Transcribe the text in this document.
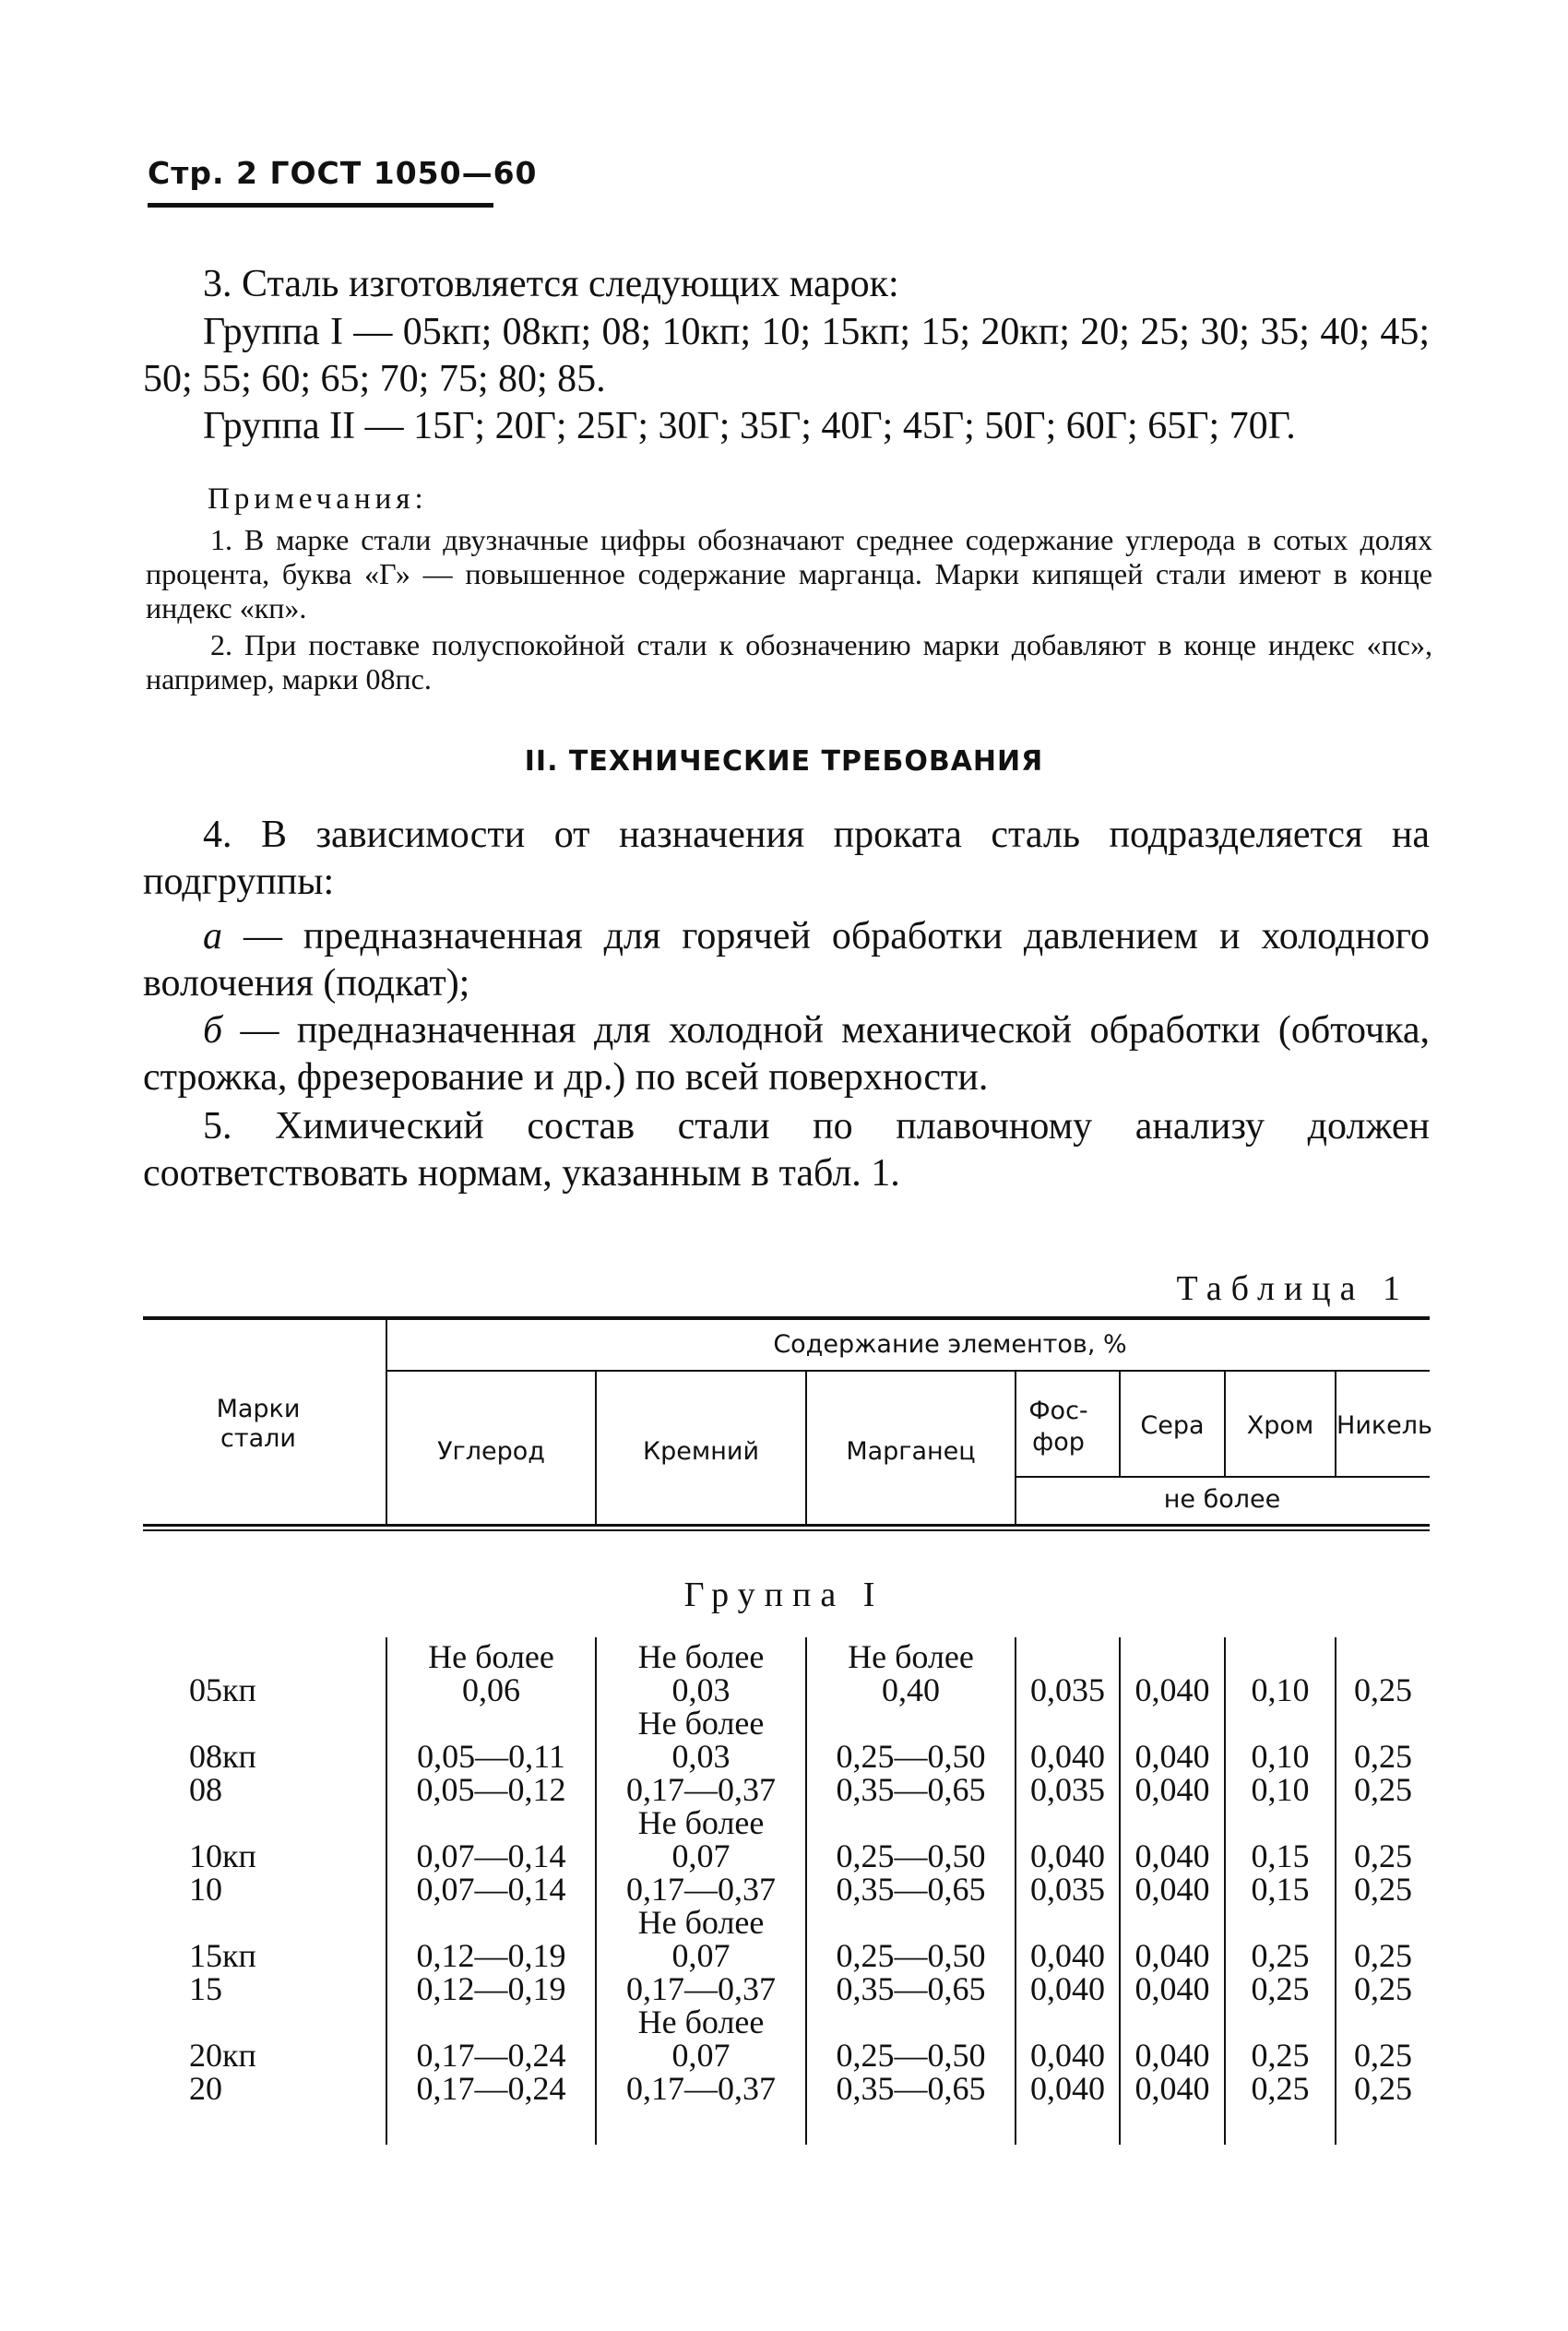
Стр. 2 ГОСТ 1050—60
3. Сталь изготовляется следующих марок:
Группа I — 05кп; 08кп; 08; 10кп; 10; 15кп; 15; 20кп; 20; 25; 30; 35; 40; 45; 50; 55; 60; 65; 70; 75; 80; 85.
Группа II — 15Г; 20Г; 25Г; 30Г; 35Г; 40Г; 45Г; 50Г; 60Г; 65Г; 70Г.
Примечания:
1. В марке стали двузначные цифры обозначают среднее содержание углерода в сотых долях процента, буква «Г» — повышенное содержание марганца. Марки кипящей стали имеют в конце индекс «кп».
2. При поставке полуспокойной стали к обозначению марки добавляют в конце индекс «пс», например, марки 08пс.
II. ТЕХНИЧЕСКИЕ ТРЕБОВАНИЯ
4. В зависимости от назначения проката сталь подразделяется на подгруппы:
а — предназначенная для горячей обработки давлением и холодного волочения (подкат);
б — предназначенная для холодной механической обработки (обточка, строжка, фрезерование и др.) по всей поверхности.
5. Химический состав стали по плавочному анализу должен соответствовать нормам, указанным в табл. 1.
Таблица 1
Марки стали
Содержание элементов, %
Углерод	Кремний	Марганец
Фос-фор
Сера	Хром Никель
не более
Группа I
Не более	Не более	Не более
05кп	0,06	0,03	0,40	0,035 0,040	0,10	0,25
Не более
08кп	0,05—0,11	0,03	0,25—0,50	0,040 0,040	0,10	0,25
08	0,05—0,12	0,17—0,37	0,35—0,65	0,035 0,040	0,10	0,25
Не более
10кп	0,07—0,14	0,07	0,25—0,50	0,040 0,040	0,15	0,25
10	0,07—0,14	0,17—0,37	0,35—0,65	0,035 0,040	0,15	0,25
Не более
15кп	0,12—0,19	0,07	0,25—0,50	0,040 0,040	0,25	0,25
15	0,12—0,19	0,17—0,37	0,35—0,65	0,040 0,040	0,25	0,25
Не более
20кп	0,17—0,24	0,07	0,25—0,50	0,040 0,040	0,25	0,25
20	0,17—0,24	0,17—0,37	0,35—0,65	0,040 0,040	0,25	0,25
